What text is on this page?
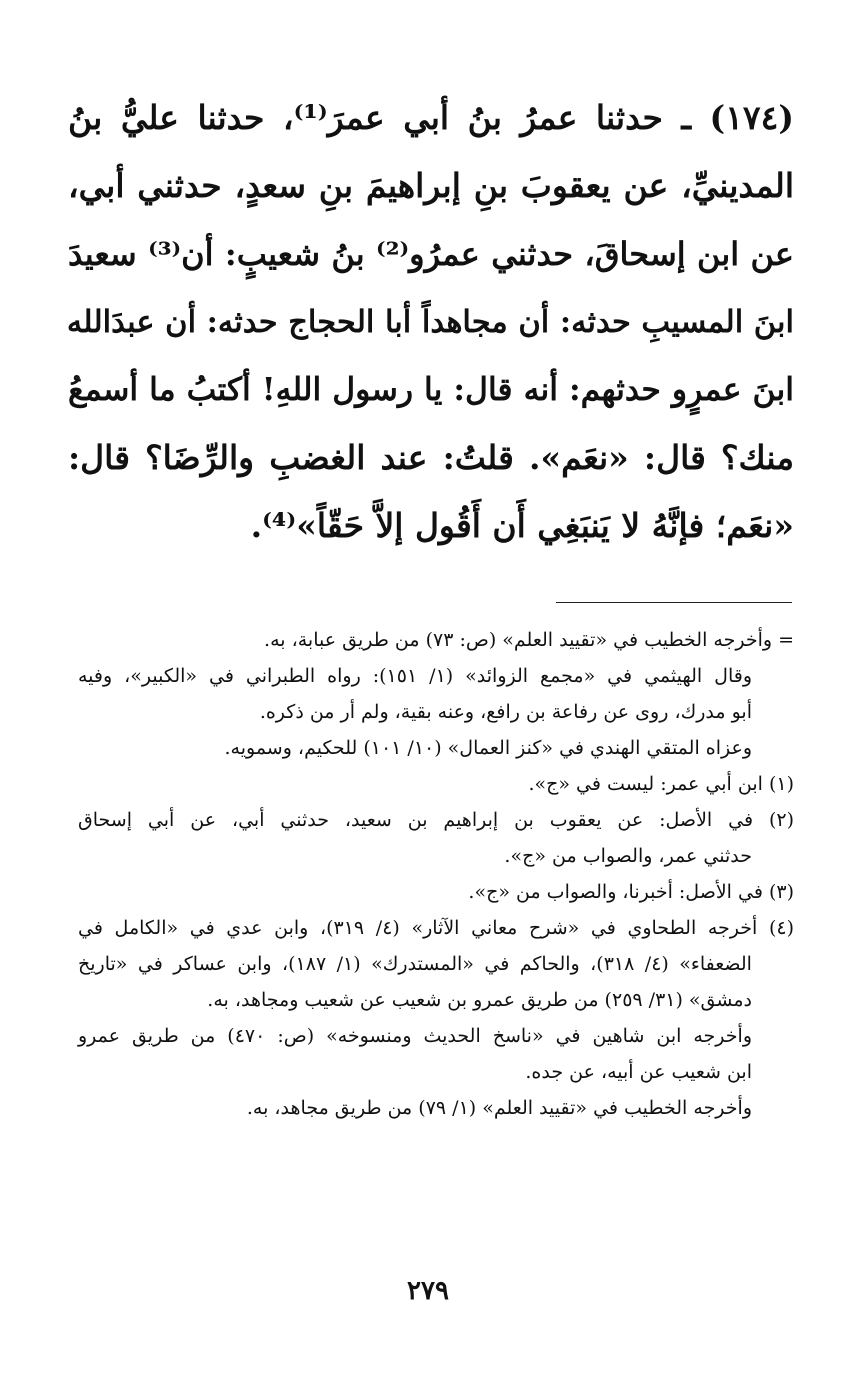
(١٧٤) ـ حدثنا عمرُ بنُ أبي عمرَ⁽¹⁾، حدثنا عليُّ بنُ
المدينيِّ، عن يعقوبَ بنِ إبراهيمَ بنِ سعدٍ، حدثني أبي،
عن ابن إسحاقَ، حدثني عمرُو⁽²⁾ بنُ شعيبٍ: أن⁽³⁾ سعيدَ
ابنَ المسيبِ حدثه: أن مجاهداً أبا الحجاج حدثه: أن عبدَالله
ابنَ عمرٍو حدثهم: أنه قال: يا رسول اللهِ! أكتبُ ما أسمعُ
منك؟ قال: «نعَم». قلتُ: عند الغضبِ والرِّضَا؟ قال:
«نعَم؛ فإنَّهُ لا يَنبَغِي أَن أَقُول إلاَّ حَقّاً»⁽⁴⁾.
= وأخرجه الخطيب في «تقييد العلم» (ص: ٧٣) من طريق عبابة، به.
وقال الهيثمي في «مجمع الزوائد» (١/ ١٥١): رواه الطبراني في «الكبير»، وفيه
أبو مدرك، روى عن رفاعة بن رافع، وعنه بقية، ولم أر من ذكره.
وعزاه المتقي الهندي في «كنز العمال» (١٠/ ١٠١) للحكيم، وسمويه.
(١) ابن أبي عمر: ليست في «ج».
(٢) في الأصل: عن يعقوب بن إبراهيم بن سعيد، حدثني أبي، عن أبي إسحاق
حدثني عمر، والصواب من «ج».
(٣) في الأصل: أخبرنا، والصواب من «ج».
(٤) أخرجه الطحاوي في «شرح معاني الآثار» (٤/ ٣١٩)، وابن عدي في «الكامل في
الضعفاء» (٤/ ٣١٨)، والحاكم في «المستدرك» (١/ ١٨٧)، وابن عساكر في «تاريخ
دمشق» (٣١/ ٢٥٩) من طريق عمرو بن شعيب عن شعيب ومجاهد، به.
وأخرجه ابن شاهين في «ناسخ الحديث ومنسوخه» (ص: ٤٧٠) من طريق عمرو
ابن شعيب عن أبيه، عن جده.
وأخرجه الخطيب في «تقييد العلم» (١/ ٧٩) من طريق مجاهد، به.
٢٧٩
